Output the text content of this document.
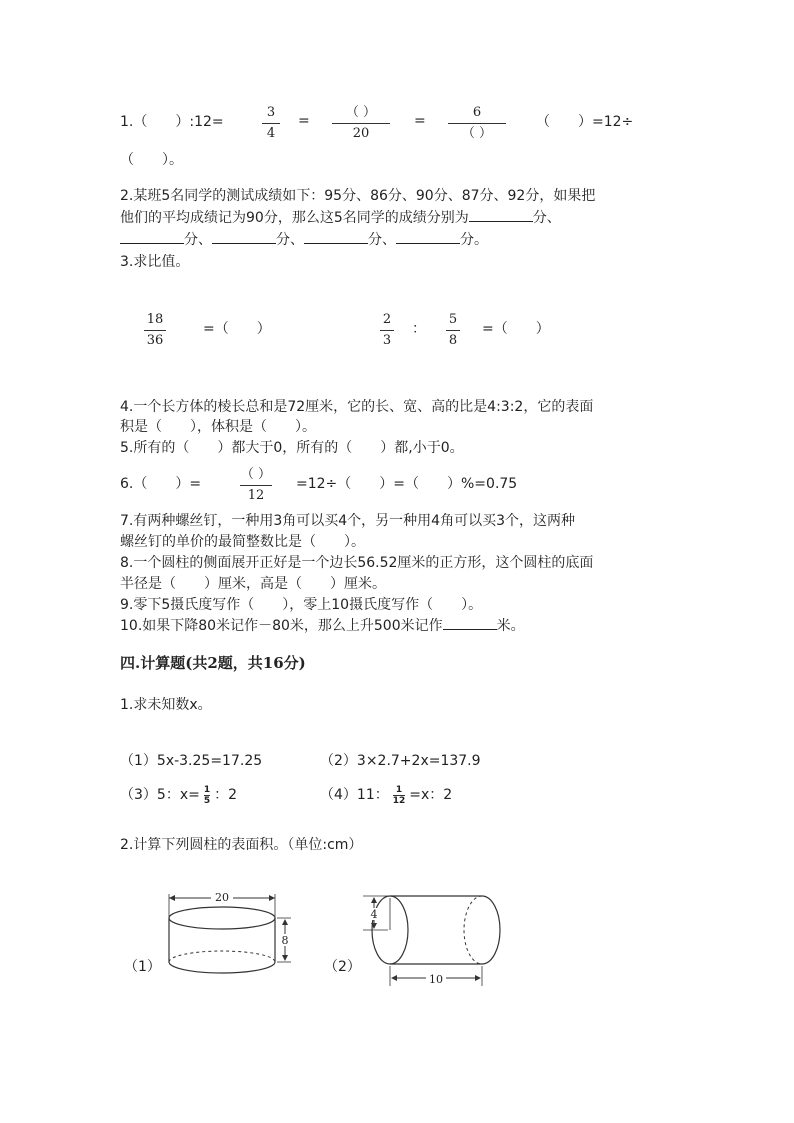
1.（　　）:12=
3
4
=
（ ）
20
=
6
（ ）
（　　）=12÷
（　　）。
2.某班5名同学的测试成绩如下：95分、86分、90分、87分、92分，如果把
他们的平均成绩记为90分，那么这5名同学的成绩分别为	分、
分、	分、	分、	分。
3.求比值。
18
36
=（　　）
2
3
：
5
8
=（　　）
4.一个长方体的棱长总和是72厘米，它的长、宽、高的比是4:3:2，它的表面
积是（　　），体积是（　　）。
5.所有的（　　）都大于0，所有的（　　）都,小于0。
6.（　　）=
（ ）
12
=12÷（　　）=（　　）%=0.75
7.有两种螺丝钉，一种用3角可以买4个，另一种用4角可以买3个，这两种
螺丝钉的单价的最简整数比是（　　）。
8.一个圆柱的侧面展开正好是一个边长56.52厘米的正方形，这个圆柱的底面
半径是（　　）厘米，高是（　　）厘米。
9.零下5摄氏度写作（　　），零上10摄氏度写作（　　）。
10.如果下降80米记作－80米，那么上升500米记作	米。
四.计算题(共2题，共16分)
1.求未知数x。
（1）5x-3.25=17.25	（2）3×2.7+2x=137.9
（3）5：$x= \frac{1}{5}$ ：2	（4）11： $\frac{1}{12} =x$：2
2.计算下列圆柱的表面积。（单位:cm）
（1）
20
8
（2）
4
10
